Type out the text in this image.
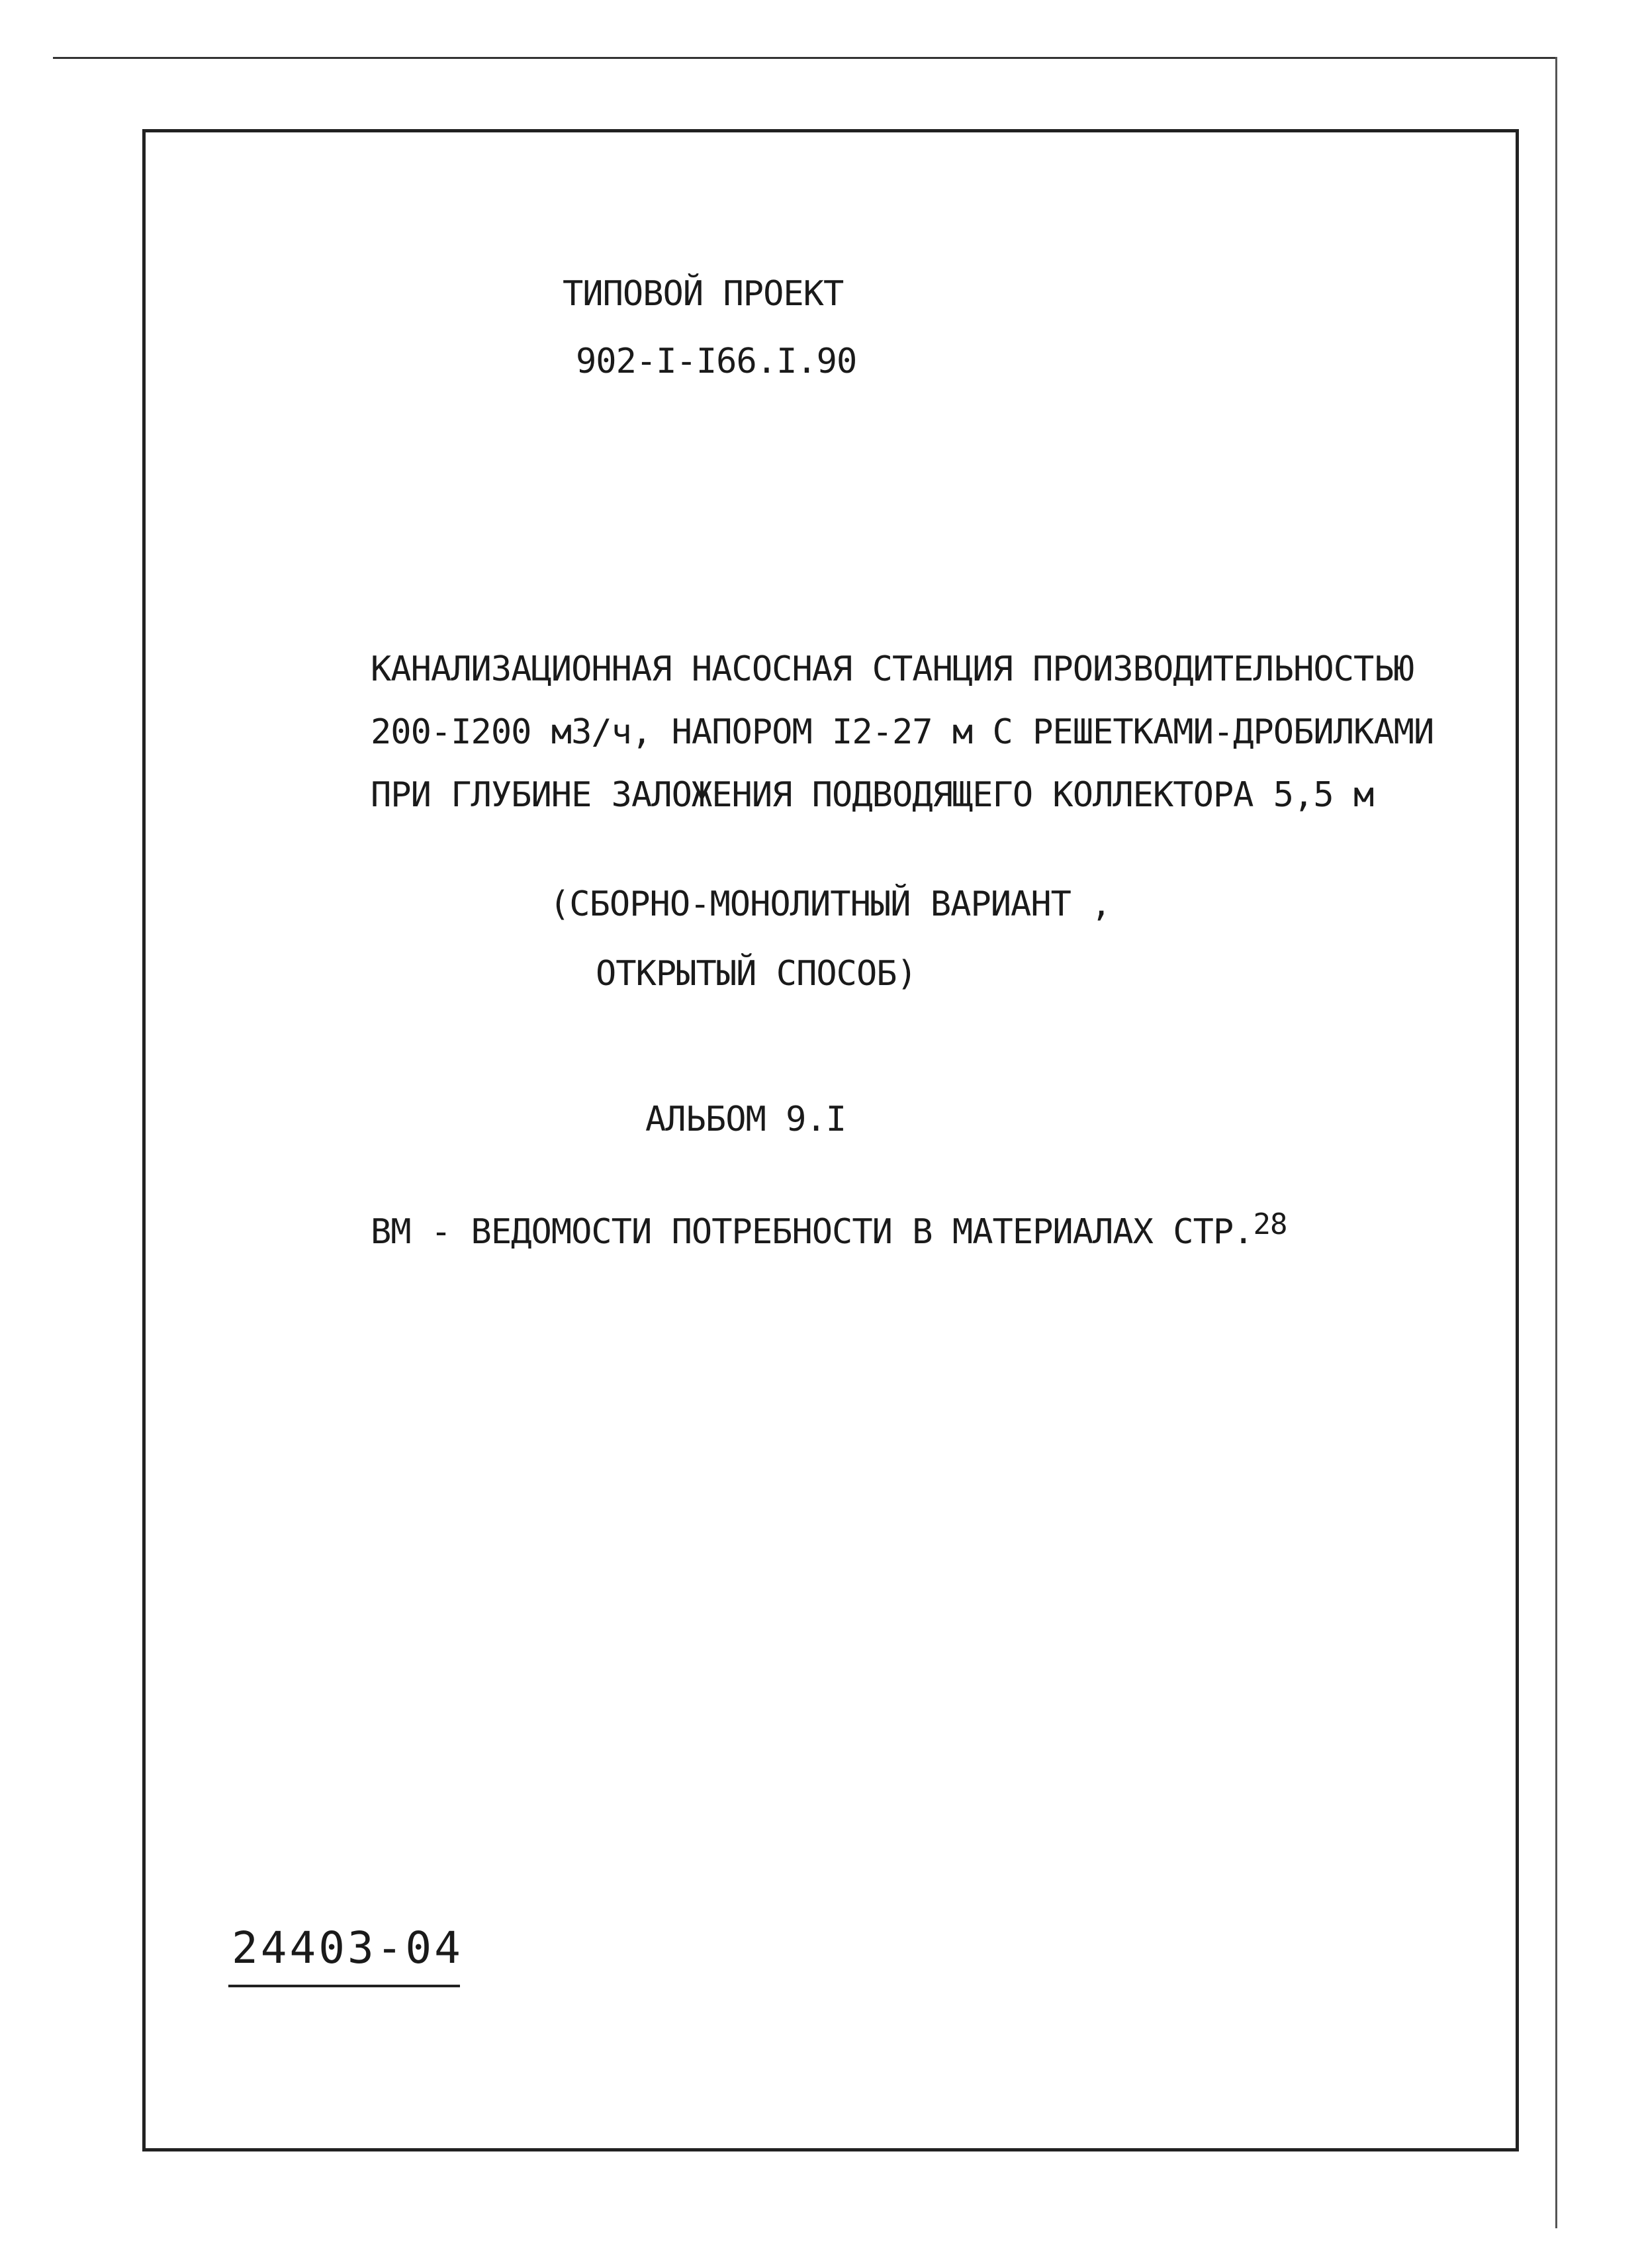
ТИПОВОЙ ПРОЕКТ
902-I-I66.I.90
КАНАЛИЗАЦИОННАЯ НАСОСНАЯ СТАНЦИЯ ПРОИЗВОДИТЕЛЬНОСТЬЮ
200-I200 м3/ч, НАПОРОМ I2-27 м С РЕШЕТКАМИ-ДРОБИЛКАМИ
ПРИ ГЛУБИНЕ ЗАЛОЖЕНИЯ ПОДВОДЯЩЕГО КОЛЛЕКТОРА 5,5 м
(СБОРНО-МОНОЛИТНЫЙ ВАРИАНТ ,
ОТКРЫТЫЙ СПОСОБ)
АЛЬБОМ 9.I
ВМ - ВЕДОМОСТИ ПОТРЕБНОСТИ В МАТЕРИАЛАХ СТР.$^{28}$
24403-04
